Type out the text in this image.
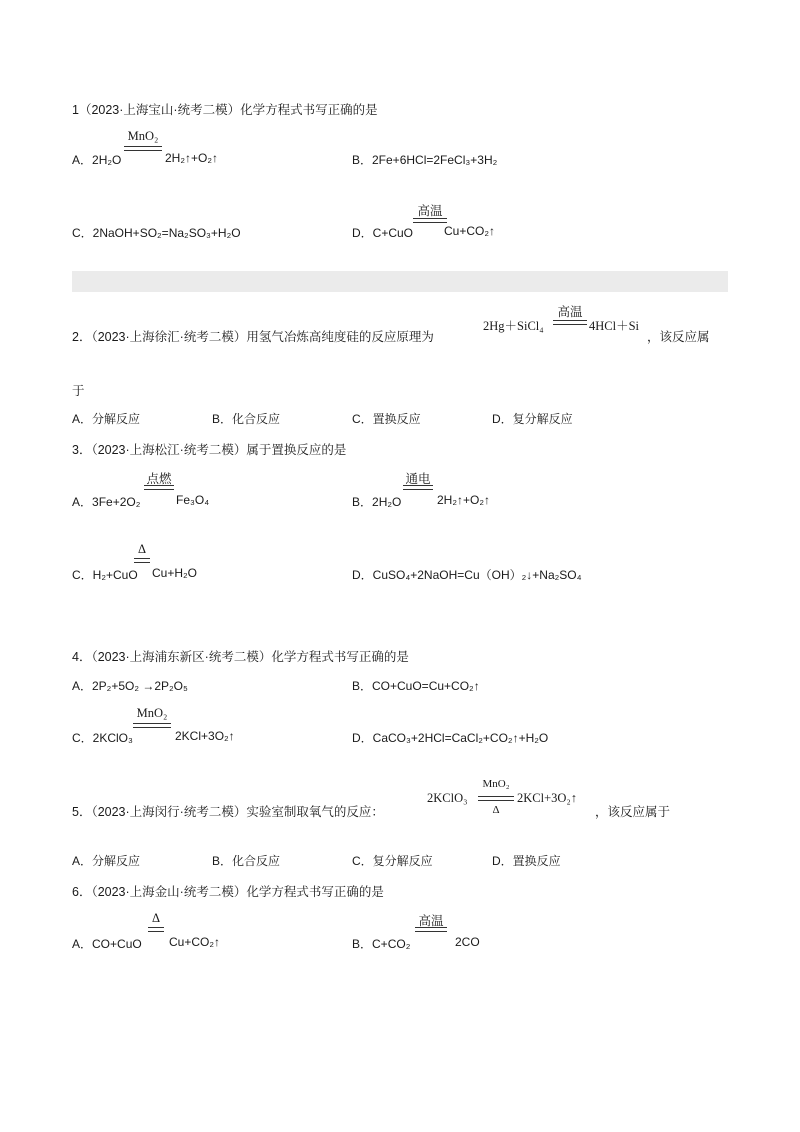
1（2023·上海宝山·统考二模）化学方程式书写正确的是
MnO₂
A．2H₂O	2H₂↑+O₂↑	B．2Fe+6HCl=2FeCl₃+3H₂
C．2NaOH+SO₂=Na₂SO₃+H₂O
高温
D．C+CuO	Cu+CO₂↑
2．（2023·上海徐汇·统考二模）用氢气冶炼高纯度硅的反应原理为
2Hg＋SiCl₄
高温
4HCl＋Si
，该反应属
于
A．分解反应	B．化合反应	C．置换反应	D．复分解反应
3．（2023·上海松江·统考二模）属于置换反应的是
点燃
A．3Fe+2O₂	Fe₃O₄
通电
B．2H₂O	2H₂↑+O₂↑
Δ
C．H₂+CuO Cu+H₂O	D．CuSO₄+2NaOH=Cu（OH）₂↓+Na₂SO₄
4．（2023·上海浦东新区·统考二模）化学方程式书写正确的是
A．2P₂+5O₂ →2P₂O₅	B．CO+CuO=Cu+CO₂↑
MnO₂
C．2KClO₃	2KCl+3O₂↑	D．CaCO₃+2HCl=CaCl₂+CO₂↑+H₂O
5．（2023·上海闵行·统考二模）实验室制取氧气的反应：
2KClO₃
MnO₂
Δ
2KCl+3O₂↑
，该反应属于
A．分解反应	B．化合反应	C．复分解反应	D．置换反应
6．（2023·上海金山·统考二模）化学方程式书写正确的是
Δ
A．CO+CuO Cu+CO₂↑
高温
B．C+CO₂	2CO
